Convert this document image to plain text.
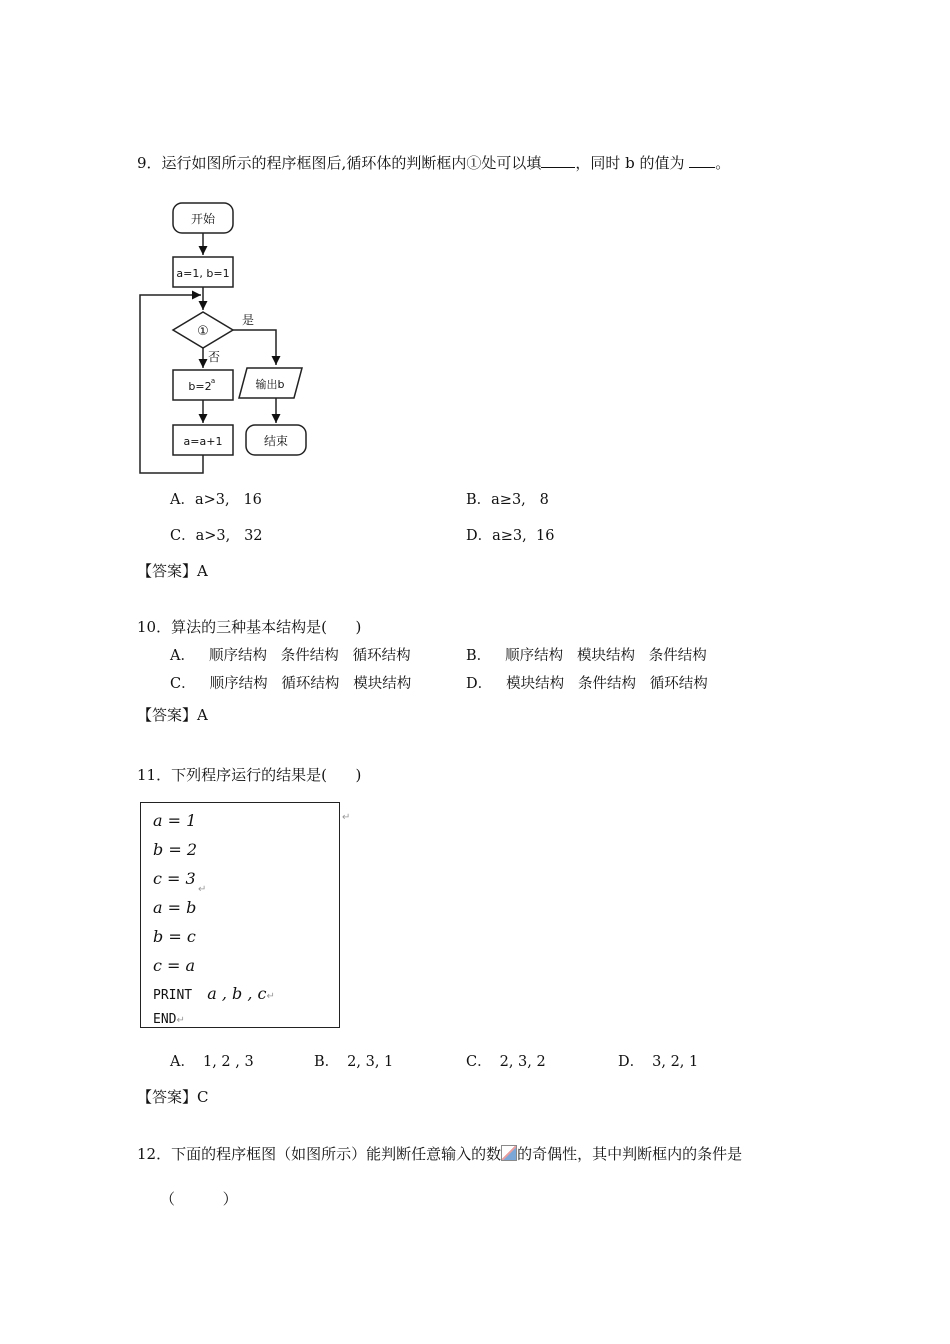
9．运行如图所示的程序框图后,循环体的判断框内①处可以填 ，同时 b 的值为 。
开始
a=1, b=1
①
是
否
b=2 a
a=a+1
输出b
结束
A．a>3,   16	B．a≥3,   8
C．a>3,   32	D．a≥3,  16
【答案】A
10．算法的三种基本结构是(      )
A． 顺序结构   条件结构   循环结构	B． 顺序结构   模块结构   条件结构
C． 顺序结构   循环结构   模块结构	D． 模块结构   条件结构   循环结构
【答案】A
11．下列程序运行的结果是(      )
a = 1
b = 2
c = 3
a = b
b = c
c = a
PRINT a , b , c↵
END↵
↵
↵
A． 1, 2 , 3	B． 2, 3, 1	C． 2, 3, 2	D． 3, 2, 1
【答案】C
12．下面的程序框图（如图所示）能判断任意输入的数 的奇偶性，其中判断框内的条件是
（          ）
